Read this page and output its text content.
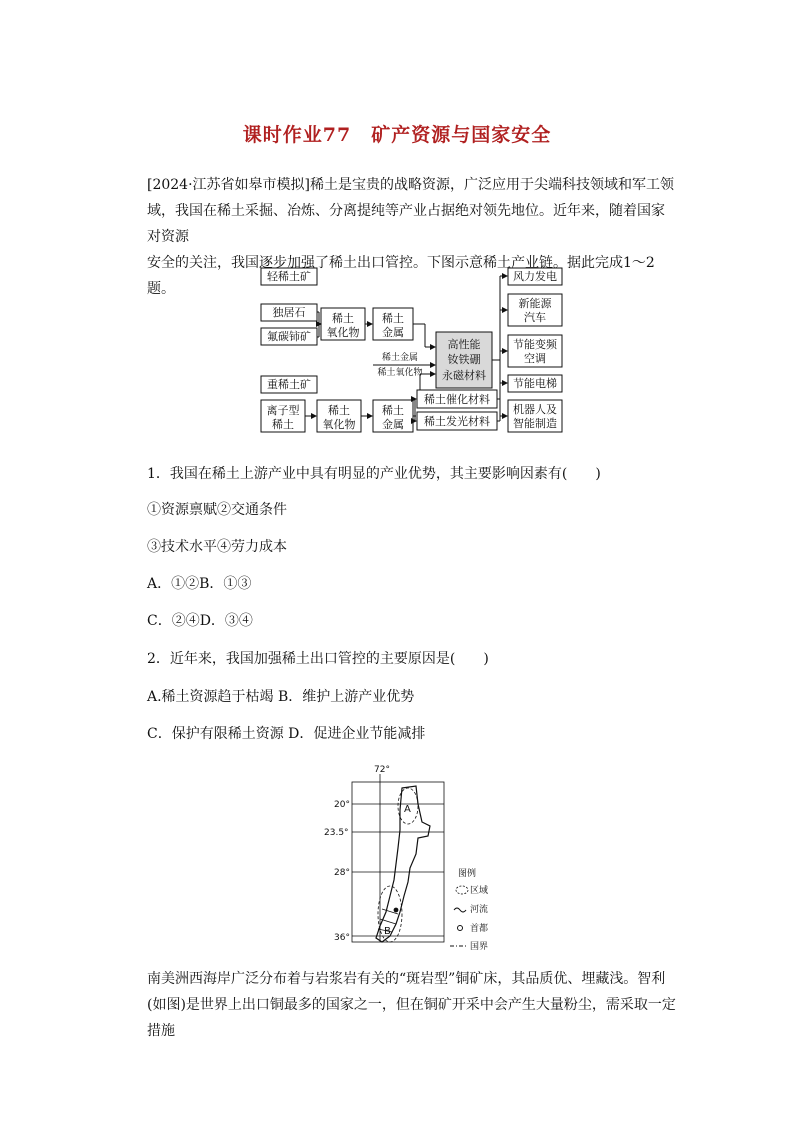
课时作业77　矿产资源与国家安全

[2024·江苏省如皋市模拟]稀土是宝贵的战略资源，广泛应用于尖端科技领域和军工领

域，我国在稀土采掘、冶炼、分离提纯等产业占据绝对领先地位。近年来，随着国家对资源

安全的关注，我国逐步加强了稀土出口管控。下图示意稀土产业链。据此完成1～2题。

轻稀土矿
独居石
氟碳铈矿
稀土
氧化物
稀土
金属
高性能
钕铁硼
永磁材料
稀土金属
稀土氧化物
重稀土矿
离子型
稀土
稀土
氧化物
稀土
金属
稀土催化材料
稀土发光材料
风力发电
新能源
汽车
节能变频
空调
节能电梯
机器人及
智能制造
1．我国在稀土上游产业中具有明显的产业优势，其主要影响因素有(　　)
①资源禀赋②交通条件
③技术水平④劳力成本
A．①②B．①③
C．②④D．③④
2．近年来，我国加强稀土出口管控的主要原因是(　　)
A.稀土资源趋于枯竭 B．维护上游产业优势
C．保护有限稀土资源 D．促进企业节能减排
72°
20°
23.5°
28°
36°
A
B
图例
区域
河流
首都
国界

南美洲西海岸广泛分布着与岩浆岩有关的“斑岩型”铜矿床，其品质优、埋藏浅。智利

(如图)是世界上出口铜最多的国家之一，但在铜矿开采中会产生大量粉尘，需采取一定措施
